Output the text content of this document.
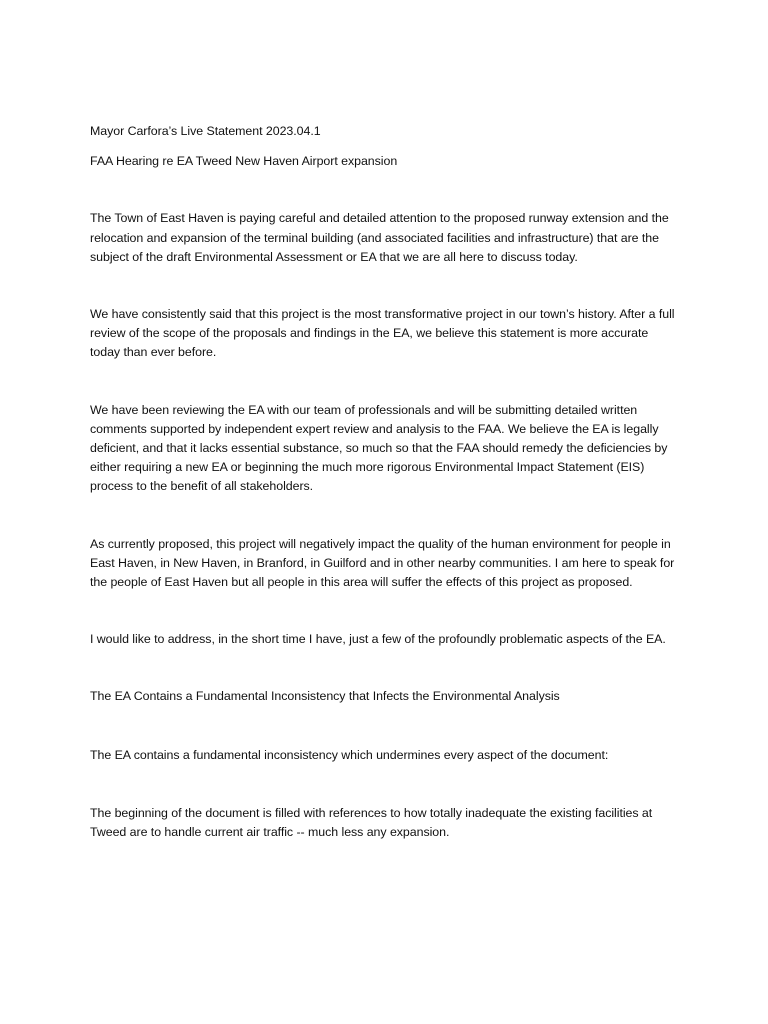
Mayor Carfora’s Live Statement 2023.04.1

FAA Hearing re EA Tweed New Haven Airport expansion

The Town of East Haven is paying careful and detailed attention to the proposed runway extension and the relocation and expansion of the terminal building (and associated facilities and infrastructure) that are the subject of the draft Environmental Assessment or EA that we are all here to discuss today.

We have consistently said that this project is the most transformative project in our town’s history. After a full review of the scope of the proposals and findings in the EA, we believe this statement is more accurate today than ever before.

We have been reviewing the EA with our team of professionals and will be submitting detailed written comments supported by independent expert review and analysis to the FAA. We believe the EA is legally deficient, and that it lacks essential substance, so much so that the FAA should remedy the deficiencies by either requiring a new EA or beginning the much more rigorous Environmental Impact Statement (EIS) process to the benefit of all stakeholders.

As currently proposed, this project will negatively impact the quality of the human environment for people in East Haven, in New Haven, in Branford, in Guilford and in other nearby communities. I am here to speak for the people of East Haven but all people in this area will suffer the effects of this project as proposed.

I would like to address, in the short time I have, just a few of the profoundly problematic aspects of the EA.

The EA Contains a Fundamental Inconsistency that Infects the Environmental Analysis

The EA contains a fundamental inconsistency which undermines every aspect of the document:

The beginning of the document is filled with references to how totally inadequate the existing facilities at Tweed are to handle current air traffic -- much less any expansion.
